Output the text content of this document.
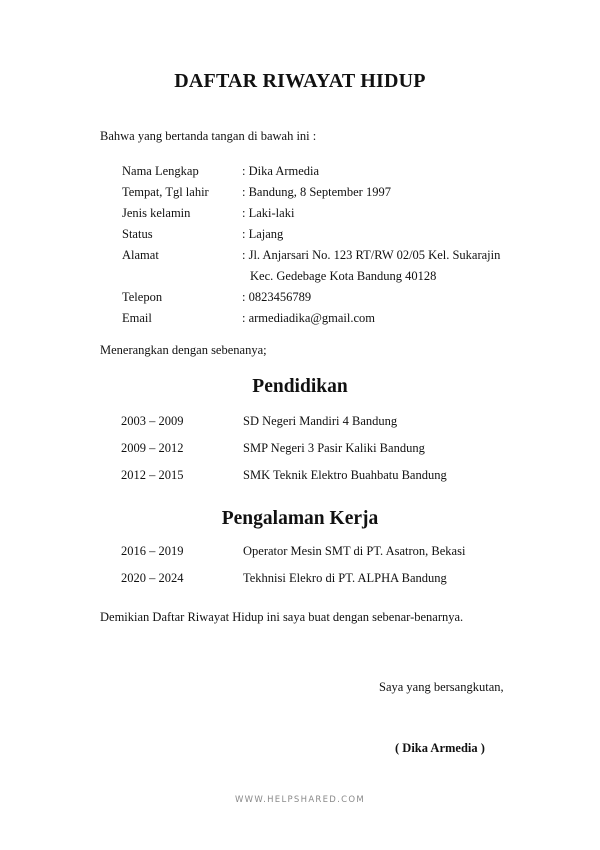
DAFTAR RIWAYAT HIDUP
Bahwa yang bertanda tangan di bawah ini :
Nama Lengkap	: Dika Armedia
Tempat, Tgl lahir	: Bandung, 8 September 1997
Jenis kelamin	: Laki-laki
Status	: Lajang
Alamat	: Jl. Anjarsari No. 123 RT/RW 02/05 Kel. Sukarajin
Kec. Gedebage Kota Bandung 40128
Telepon	: 0823456789
Email	: armediadika@gmail.com
Menerangkan dengan sebenanya;
Pendidikan
2003 – 2009	SD Negeri Mandiri 4 Bandung
2009 – 2012	SMP Negeri 3 Pasir Kaliki Bandung
2012 – 2015	SMK Teknik Elektro Buahbatu Bandung
Pengalaman Kerja
2016 – 2019	Operator Mesin SMT di PT. Asatron, Bekasi
2020 – 2024	Tekhnisi Elekro di PT. ALPHA Bandung
Demikian Daftar Riwayat Hidup ini saya buat dengan sebenar-benarnya.
Saya yang bersangkutan,
( Dika Armedia )
WWW.HELPSHARED.COM
